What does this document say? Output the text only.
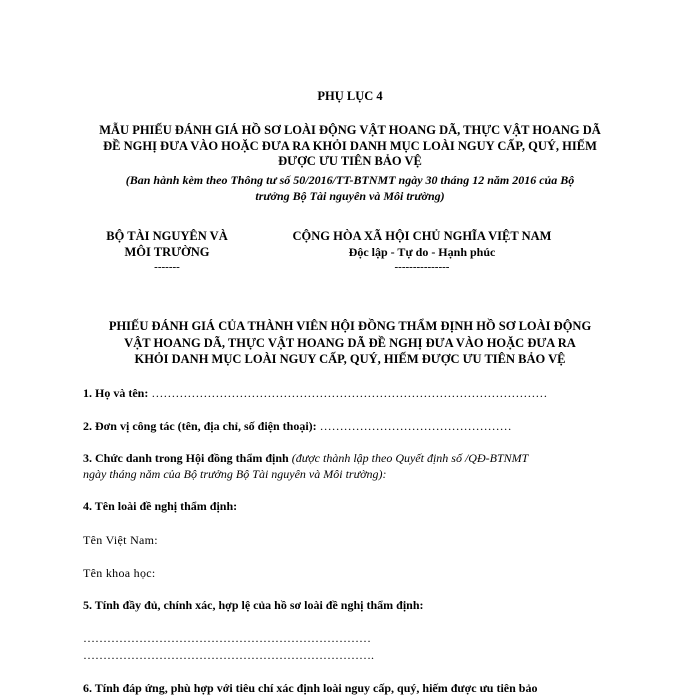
PHỤ LỤC 4
MẪU PHIẾU ĐÁNH GIÁ HỒ SƠ LOÀI ĐỘNG VẬT HOANG DÃ, THỰC VẬT HOANG DÃ
ĐỀ NGHỊ ĐƯA VÀO HOẶC ĐƯA RA KHỎI DANH MỤC LOÀI NGUY CẤP, QUÝ, HIẾM
ĐƯỢC ƯU TIÊN BẢO VỆ
(Ban hành kèm theo Thông tư số 50/2016/TT-BTNMT ngày 30 tháng 12 năm 2016 của Bộ
trưởng Bộ Tài nguyên và Môi trường)
BỘ TÀI NGUYÊN VÀ
MÔI TRƯỜNG
-------
CỘNG HÒA XÃ HỘI CHỦ NGHĨA VIỆT NAM
Độc lập - Tự do - Hạnh phúc
---------------
PHIẾU ĐÁNH GIÁ CỦA THÀNH VIÊN HỘI ĐỒNG THẨM ĐỊNH HỒ SƠ LOÀI ĐỘNG
VẬT HOANG DÃ, THỰC VẬT HOANG DÃ ĐỀ NGHỊ ĐƯA VÀO HOẶC ĐƯA RA
KHỎI DANH MỤC LOÀI NGUY CẤP, QUÝ, HIẾM ĐƯỢC ƯU TIÊN BẢO VỆ
1. Họ và tên: ………………………………………………………………………………………
2. Đơn vị công tác (tên, địa chỉ, số điện thoại): …………………………………………
3. Chức danh trong Hội đồng thẩm định (được thành lập theo Quyết định số /QĐ-BTNMT
ngày tháng năm của Bộ trưởng Bộ Tài nguyên và Môi trường):
4. Tên loài đề nghị thẩm định:
Tên Việt Nam:
Tên khoa học:
5. Tính đầy đủ, chính xác, hợp lệ của hồ sơ loài đề nghị thẩm định:
………………………………………………………………
……………………………………………………………….
6. Tính đáp ứng, phù hợp với tiêu chí xác định loài nguy cấp, quý, hiếm được ưu tiên bảo
